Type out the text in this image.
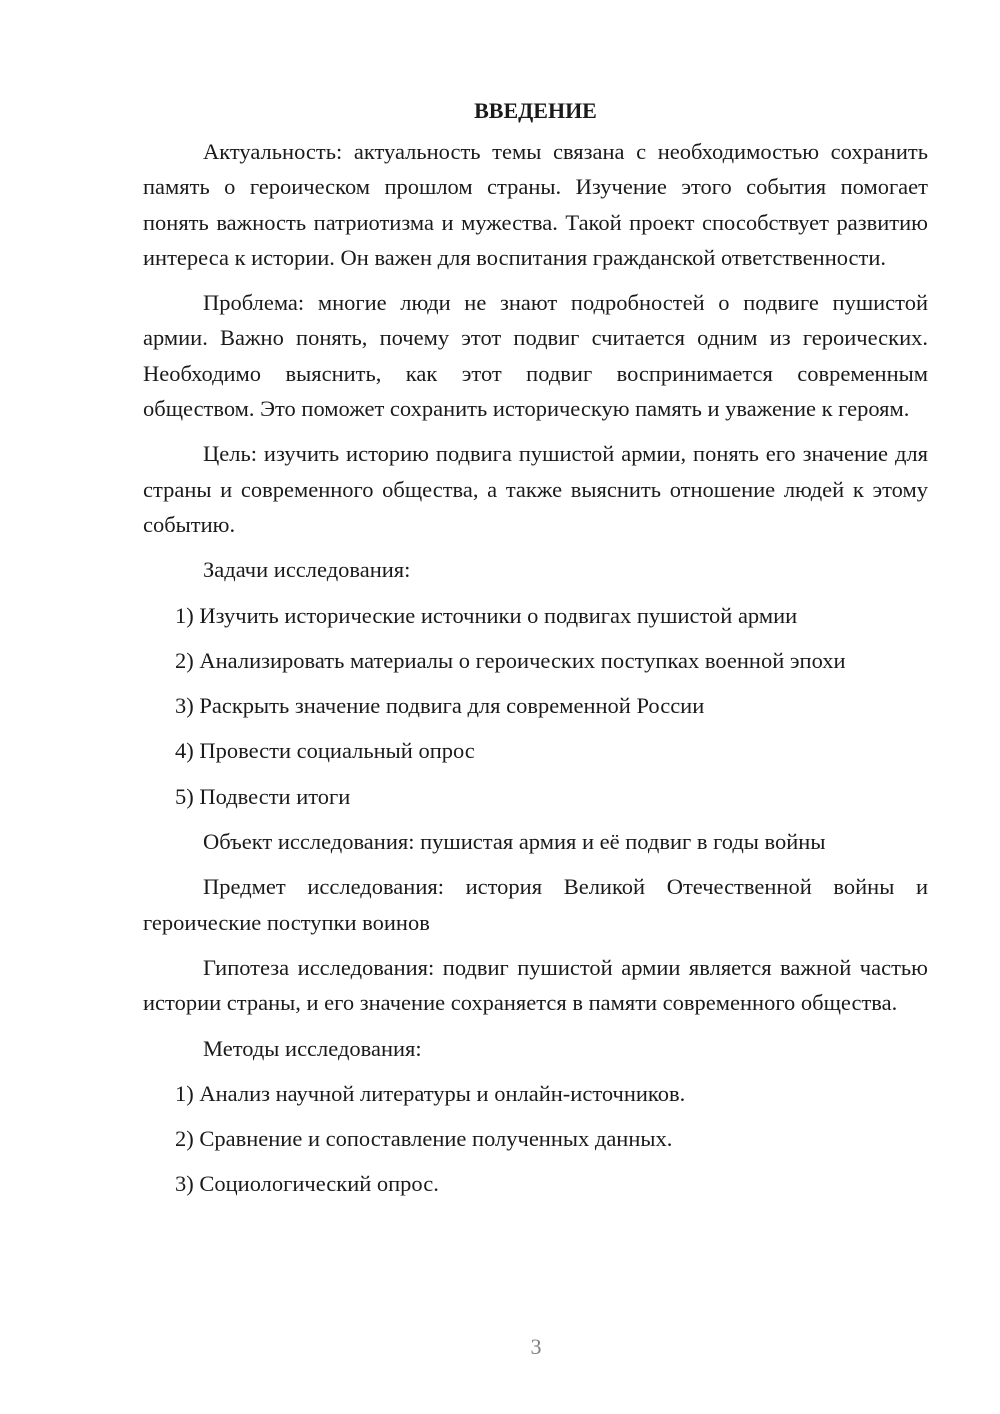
ВВЕДЕНИЕ

Актуальность: актуальность темы связана с необходимостью сохранить память о героическом прошлом страны. Изучение этого события помогает понять важность патриотизма и мужества. Такой проект способствует развитию интереса к истории. Он важен для воспитания гражданской ответственности.

Проблема: многие люди не знают подробностей о подвиге пушистой армии. Важно понять, почему этот подвиг считается одним из героических. Необходимо выяснить, как этот подвиг воспринимается современным обществом. Это поможет сохранить историческую память и уважение к героям.

Цель: изучить историю подвига пушистой армии, понять его значение для страны и современного общества, а также выяснить отношение людей к этому событию.

Задачи исследования:

1) Изучить исторические источники о подвигах пушистой армии
2) Анализировать материалы о героических поступках военной эпохи
3) Раскрыть значение подвига для современной России
4) Провести социальный опрос
5) Подвести итоги

Объект исследования: пушистая армия и её подвиг в годы войны

Предмет исследования: история Великой Отечественной войны и героические поступки воинов

Гипотеза исследования: подвиг пушистой армии является важной частью истории страны, и его значение сохраняется в памяти современного общества.

Методы исследования:

1) Анализ научной литературы и онлайн-источников.
2) Сравнение и сопоставление полученных данных.
3) Социологический опрос.
3
